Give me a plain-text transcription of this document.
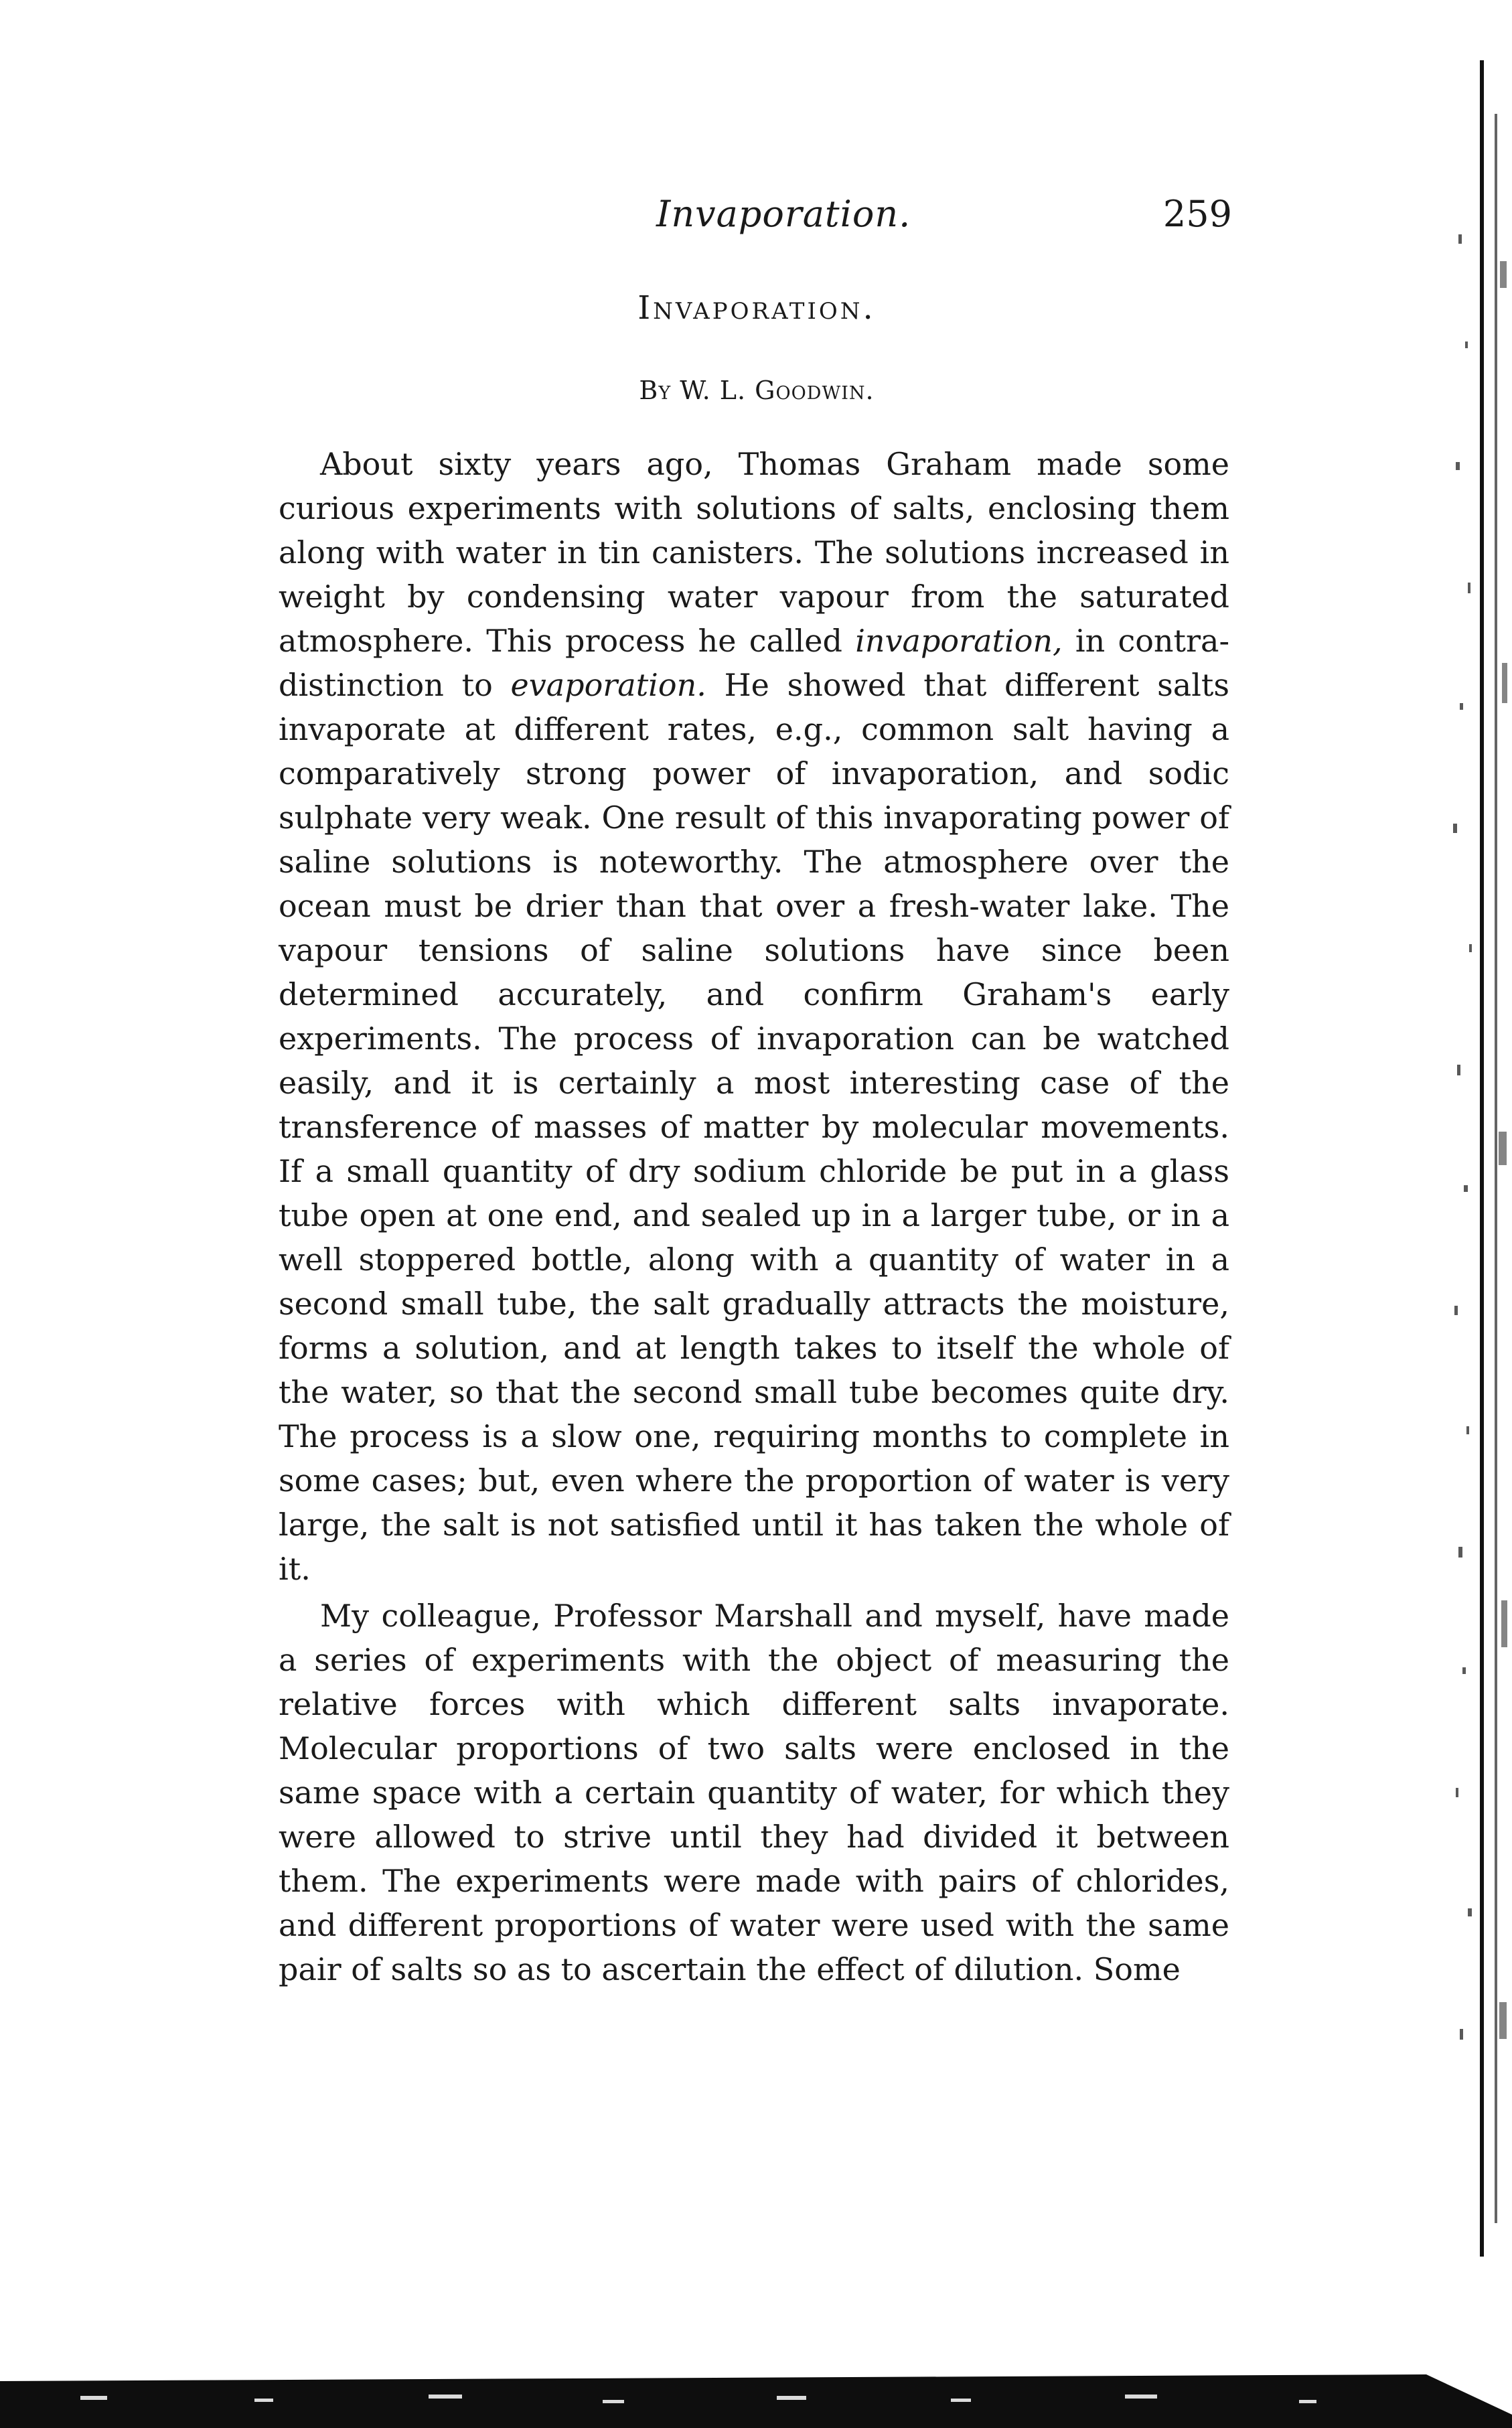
Invaporation.	259
Invaporation.
By W. L. Goodwin.

About sixty years ago, Thomas Graham made some curious experiments with solutions of salts, enclosing them along with water in tin canisters. The solutions increased in weight by condensing water vapour from the saturated atmosphere. This process he called invaporation, in contra-distinction to evaporation. He showed that different salts invaporate at different rates, e.g., common salt having a comparatively strong power of invaporation, and sodic sulphate very weak. One result of this invaporating power of saline solutions is noteworthy. The atmosphere over the ocean must be drier than that over a fresh-water lake. The vapour tensions of saline solutions have since been determined accurately, and confirm Graham's early experiments. The process of invaporation can be watched easily, and it is certainly a most interesting case of the transference of masses of matter by molecular movements. If a small quantity of dry sodium chloride be put in a glass tube open at one end, and sealed up in a larger tube, or in a well stoppered bottle, along with a quantity of water in a second small tube, the salt gradually attracts the moisture, forms a solution, and at length takes to itself the whole of the water, so that the second small tube becomes quite dry. The process is a slow one, requiring months to complete in some cases; but, even where the proportion of water is very large, the salt is not satisfied until it has taken the whole of it.

My colleague, Professor Marshall and myself, have made a series of experiments with the object of measuring the relative forces with which different salts invaporate. Molecular proportions of two salts were enclosed in the same space with a certain quantity of water, for which they were allowed to strive until they had divided it between them. The experiments were made with pairs of chlorides, and different proportions of water were used with the same pair of salts so as to ascertain the effect of dilution. Some
